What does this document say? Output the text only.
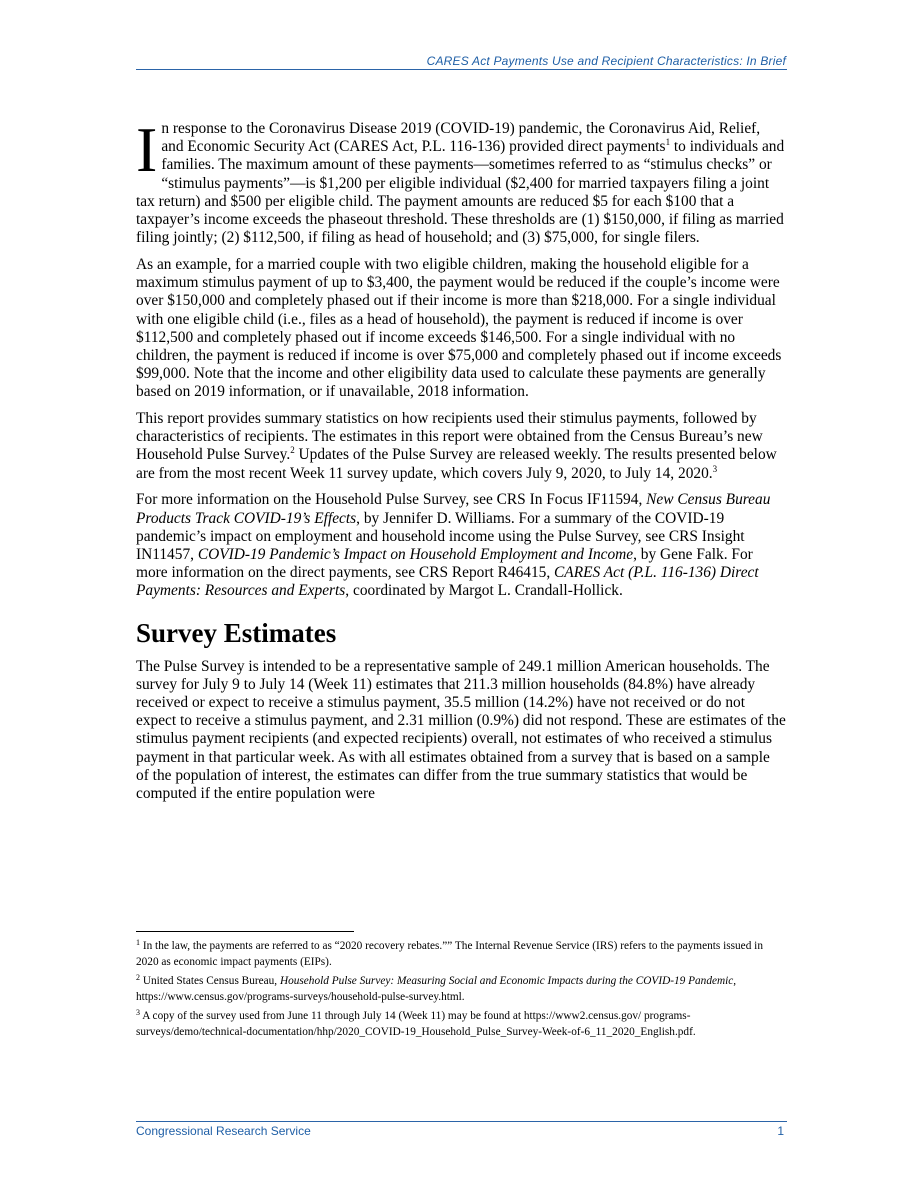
CARES Act Payments Use and Recipient Characteristics: In Brief

In response to the Coronavirus Disease 2019 (COVID-19) pandemic, the Coronavirus Aid, Relief, and Economic Security Act (CARES Act, P.L. 116-136) provided direct payments$^1$ to individuals and families. The maximum amount of these payments—sometimes referred to as “stimulus checks” or “stimulus payments”—is $1,200 per eligible individual ($2,400 for married taxpayers filing a joint tax return) and $500 per eligible child. The payment amounts are reduced $5 for each $100 that a taxpayer’s income exceeds the phaseout threshold. These thresholds are (1) $150,000, if filing as married filing jointly; (2) $112,500, if filing as head of household; and (3) $75,000, for single filers.

As an example, for a married couple with two eligible children, making the household eligible for a maximum stimulus payment of up to $3,400, the payment would be reduced if the couple’s income were over $150,000 and completely phased out if their income is more than $218,000. For a single individual with one eligible child (i.e., files as a head of household), the payment is reduced if income is over $112,500 and completely phased out if income exceeds $146,500. For a single individual with no children, the payment is reduced if income is over $75,000 and completely phased out if income exceeds $99,000. Note that the income and other eligibility data used to calculate these payments are generally based on 2019 information, or if unavailable, 2018 information.

This report provides summary statistics on how recipients used their stimulus payments, followed by characteristics of recipients. The estimates in this report were obtained from the Census Bureau’s new Household Pulse Survey.$^2$ Updates of the Pulse Survey are released weekly. The results presented below are from the most recent Week 11 survey update, which covers July 9, 2020, to July 14, 2020.$^3$

For more information on the Household Pulse Survey, see CRS In Focus IF11594, New Census Bureau Products Track COVID-19’s Effects, by Jennifer D. Williams. For a summary of the COVID-19 pandemic’s impact on employment and household income using the Pulse Survey, see CRS Insight IN11457, COVID-19 Pandemic’s Impact on Household Employment and Income, by Gene Falk. For more information on the direct payments, see CRS Report R46415, CARES Act (P.L. 116-136) Direct Payments: Resources and Experts, coordinated by Margot L. Crandall-Hollick.

Survey Estimates

The Pulse Survey is intended to be a representative sample of 249.1 million American households. The survey for July 9 to July 14 (Week 11) estimates that 211.3 million households (84.8%) have already received or expect to receive a stimulus payment, 35.5 million (14.2%) have not received or do not expect to receive a stimulus payment, and 2.31 million (0.9%) did not respond. These are estimates of the stimulus payment recipients (and expected recipients) overall, not estimates of who received a stimulus payment in that particular week. As with all estimates obtained from a survey that is based on a sample of the population of interest, the estimates can differ from the true summary statistics that would be computed if the entire population were

$^1$ In the law, the payments are referred to as “2020 recovery rebates.”” The Internal Revenue Service (IRS) refers to the payments issued in 2020 as economic impact payments (EIPs).

$^2$ United States Census Bureau, Household Pulse Survey: Measuring Social and Economic Impacts during the COVID-19 Pandemic, https://www.census.gov/programs-surveys/household-pulse-survey.html.

$^3$ A copy of the survey used from June 11 through July 14 (Week 11) may be found at https://www2.census.gov/ programs-surveys/demo/technical-documentation/hhp/2020_COVID-19_Household_Pulse_Survey-Week-of-6_11_2020_English.pdf.

Congressional Research Service	1
